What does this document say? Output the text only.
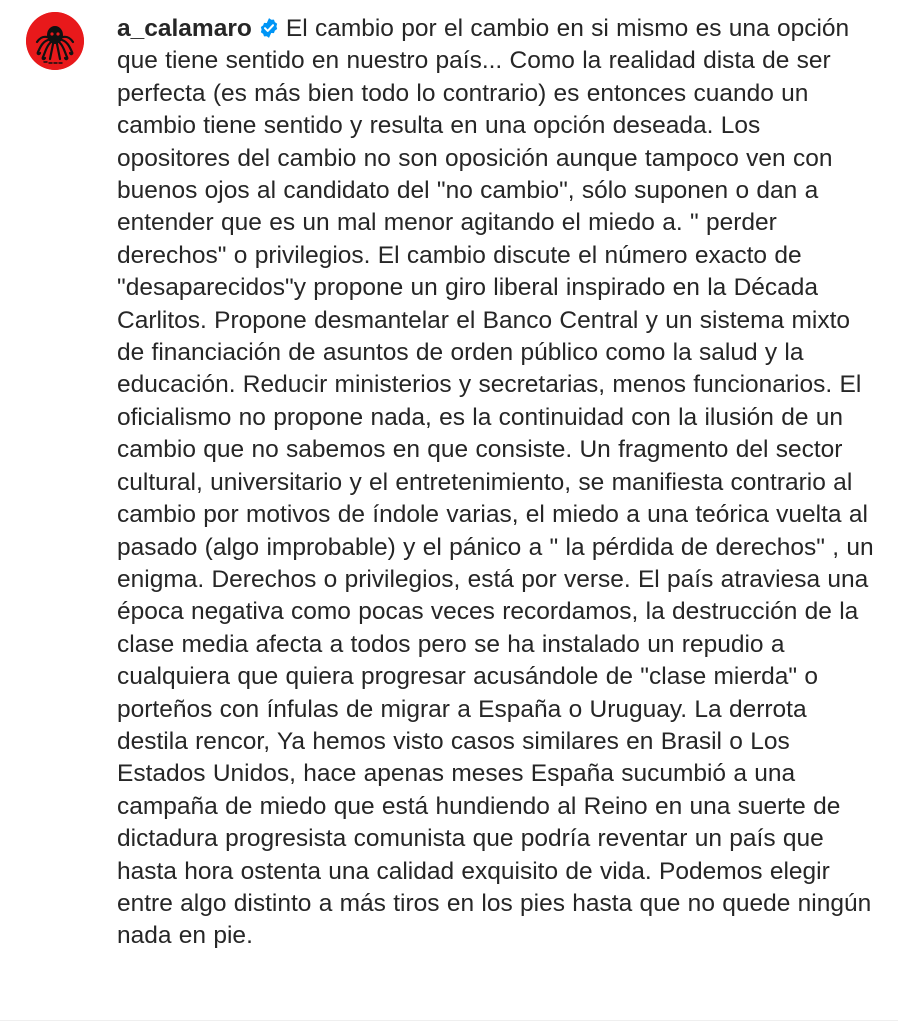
a_calamaro El cambio por el cambio en si mismo es una opción que tiene sentido en nuestro país... Como la realidad dista de ser perfecta (es más bien todo lo contrario) es entonces cuando un cambio tiene sentido y resulta en una opción deseada. Los opositores del cambio no son oposición aunque tampoco ven con buenos ojos al candidato del "no cambio", sólo suponen o dan a entender que es un mal menor agitando el miedo a. " perder derechos" o privilegios. El cambio discute el número exacto de "desaparecidos"y propone un giro liberal inspirado en la Década Carlitos. Propone desmantelar el Banco Central y un sistema mixto de financiación de asuntos de orden público como la salud y la educación. Reducir ministerios y secretarias, menos funcionarios. El oficialismo no propone nada, es la continuidad con la ilusión de un cambio que no sabemos en que consiste. Un fragmento del sector cultural, universitario y el entretenimiento, se manifiesta contrario al cambio por motivos de índole varias, el miedo a una teórica vuelta al pasado (algo improbable) y el pánico a " la pérdida de derechos" , un enigma. Derechos o privilegios, está por verse. El país atraviesa una época negativa como pocas veces recordamos, la destrucción de la clase media afecta a todos pero se ha instalado un repudio a cualquiera que quiera progresar acusándole de "clase mierda" o porteños con ínfulas de migrar a España o Uruguay. La derrota destila rencor, Ya hemos visto casos similares en Brasil o Los Estados Unidos, hace apenas meses España sucumbió a una campaña de miedo que está hundiendo al Reino en una suerte de dictadura progresista comunista que podría reventar un país que hasta hora ostenta una calidad exquisito de vida. Podemos elegir entre algo distinto a más tiros en los pies hasta que no quede ningún nada en pie.
